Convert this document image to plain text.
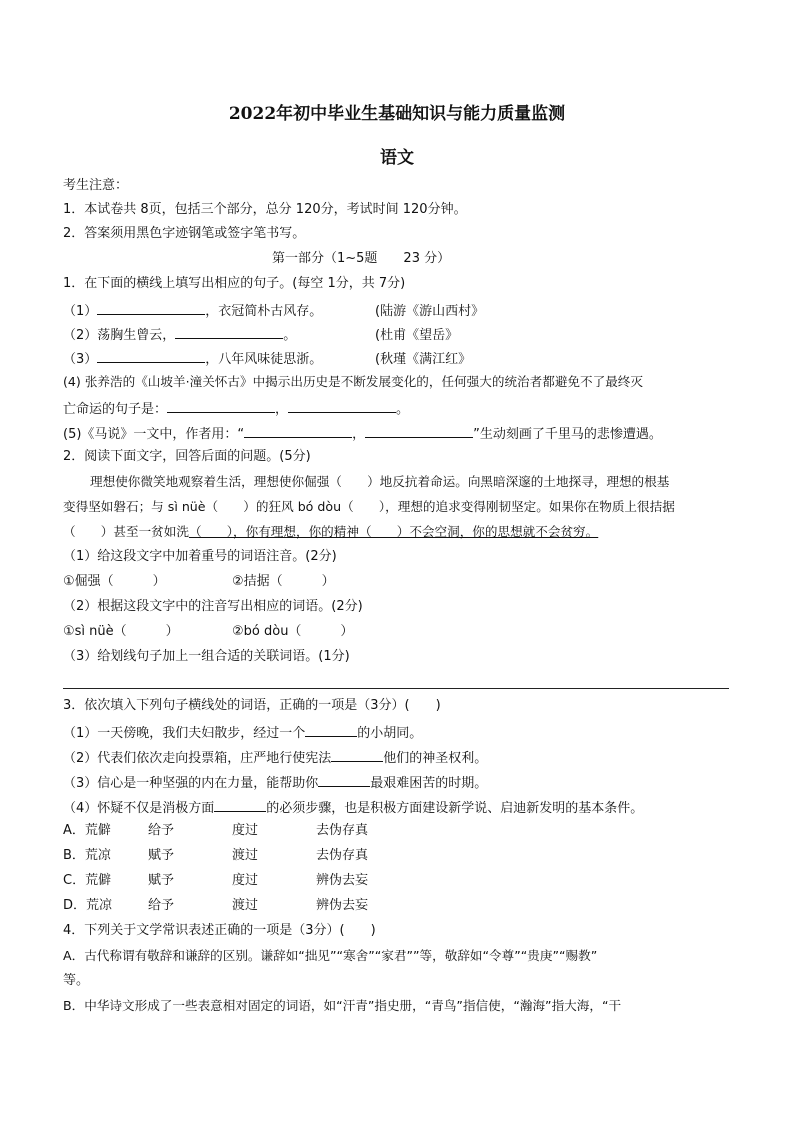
2022年初中毕业生基础知识与能力质量监测
语文
考生注意：
1．本试卷共 8页，包括三个部分，总分 120分，考试时间 120分钟。
2．答案须用黑色字迹钢笔或签字笔书写。
第一部分（1~5题　　23 分）
1．在下面的横线上填写出相应的句子。(每空 1分，共 7分)
（1）	，衣冠简朴古风存。	(陆游《游山西村》
（2）荡胸生曾云，	。	(杜甫《望岳》
（3）	，八年风味徒思浙。	(秋瑾《满江红》
(4) 张养浩的《山坡羊·潼关怀古》中揭示出历史是不断发展变化的，任何强大的统治者都避免不了最终灭
亡命运的句子是：	，	。
(5)《马说》一文中，作者用：“	，	”生动刻画了千里马的悲惨遭遇。
2．阅读下面文字，回答后面的问题。(5分)
理想使你微笑地观察着生活，理想使你倔强（　　）地反抗着命运。向黑暗深邃的土地探寻，理想的根基
变得坚如磐石；与 sì nüè（　　）的狂风 bó dòu（　　），理想的追求变得刚韧坚定。如果你在物质上很拮据
（　　）甚至一贫如洗（　　），你有理想，你的精神（　　）不会空洞，你的思想就不会贫穷。
（1）给这段文字中加着重号的词语注音。(2分)
①倔强（　　　）	②拮据（　　　）
（2）根据这段文字中的注音写出相应的词语。(2分)
①sì nüè（　　　）	②bó dòu（　　　）
（3）给划线句子加上一组合适的关联词语。(1分)
3．依次填入下列句子横线处的词语，正确的一项是（3分）(　　)
（1）一天傍晚，我们夫妇散步，经过一个	的小胡同。
（2）代表们依次走向投票箱，庄严地行使宪法	他们的神圣权利。
（3）信心是一种坚强的内在力量，能帮助你	最艰难困苦的时期。
（4）怀疑不仅是消极方面	的必须步骤，也是积极方面建设新学说、启迪新发明的基本条件。
A．荒僻	给予	度过	去伪存真
B．荒凉	赋予	渡过	去伪存真
C．荒僻	赋予	度过	辨伪去妄
D．荒凉	给予	渡过	辨伪去妄
4．下列关于文学常识表述正确的一项是（3分）(　　)
A．古代称谓有敬辞和谦辞的区别。谦辞如“拙见”“寒舍”“家君””等，敬辞如“令尊”“贵庚”“赐教”
等。
B．中华诗文形成了一些表意相对固定的词语，如“汗青”指史册，“青鸟”指信使，“瀚海”指大海，“干
